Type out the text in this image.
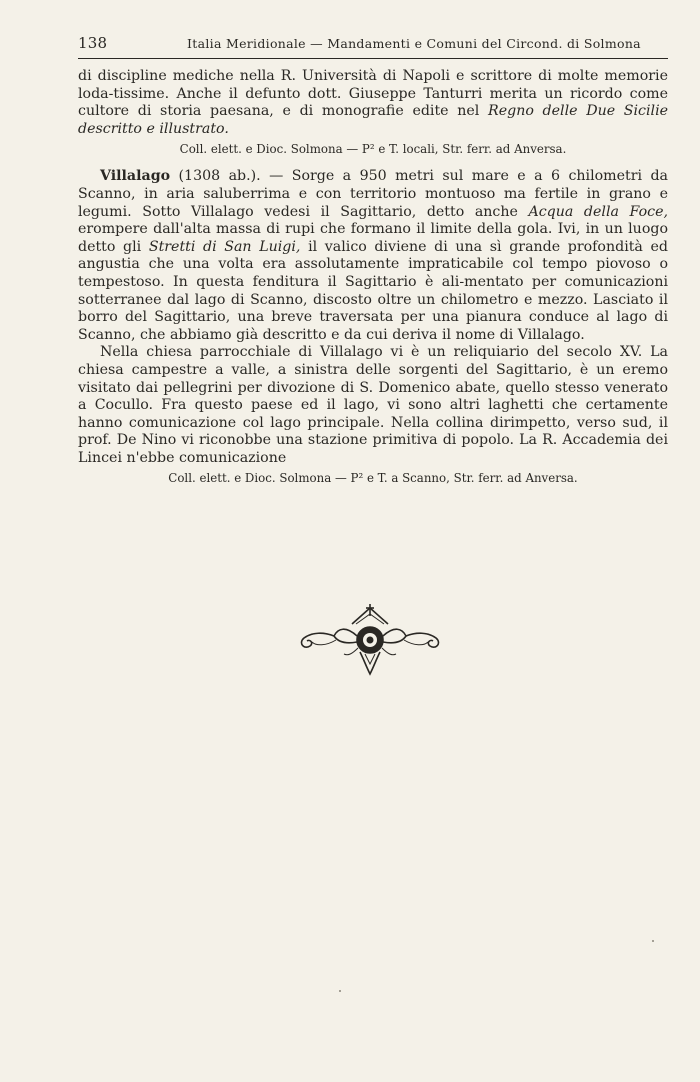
138	Italia Meridionale — Mandamenti e Comuni del Circond. di Solmona

di discipline mediche nella R. Università di Napoli e scrittore di molte memorie loda-tissime. Anche il defunto dott. Giuseppe Tanturri merita un ricordo come cultore di storia paesana, e di monografie edite nel Regno delle Due Sicilie descritto e illustrato.

Coll. elett. e Dioc. Solmona — P² e T. locali, Str. ferr. ad Anversa.

Villalago (1308 ab.). — Sorge a 950 metri sul mare e a 6 chilometri da Scanno, in aria saluberrima e con territorio montuoso ma fertile in grano e legumi. Sotto Villalago vedesi il Sagittario, detto anche Acqua della Foce, erompere dall'alta massa di rupi che formano il limite della gola. Ivi, in un luogo detto gli Stretti di San Luigi, il valico diviene di una sì grande profondità ed angustia che una volta era assolutamente impraticabile col tempo piovoso o tempestoso. In questa fenditura il Sagittario è ali-mentato per comunicazioni sotterranee dal lago di Scanno, discosto oltre un chilometro e mezzo. Lasciato il borro del Sagittario, una breve traversata per una pianura conduce al lago di Scanno, che abbiamo già descritto e da cui deriva il nome di Villalago.

Nella chiesa parrocchiale di Villalago vi è un reliquiario del secolo XV. La chiesa campestre a valle, a sinistra delle sorgenti del Sagittario, è un eremo visitato dai pellegrini per divozione di S. Domenico abate, quello stesso venerato a Cocullo. Fra questo paese ed il lago, vi sono altri laghetti che certamente hanno comunicazione col lago principale. Nella collina dirimpetto, verso sud, il prof. De Nino vi riconobbe una stazione primitiva di popolo. La R. Accademia dei Lincei n'ebbe comunicazione

Coll. elett. e Dioc. Solmona — P² e T. a Scanno, Str. ferr. ad Anversa.
